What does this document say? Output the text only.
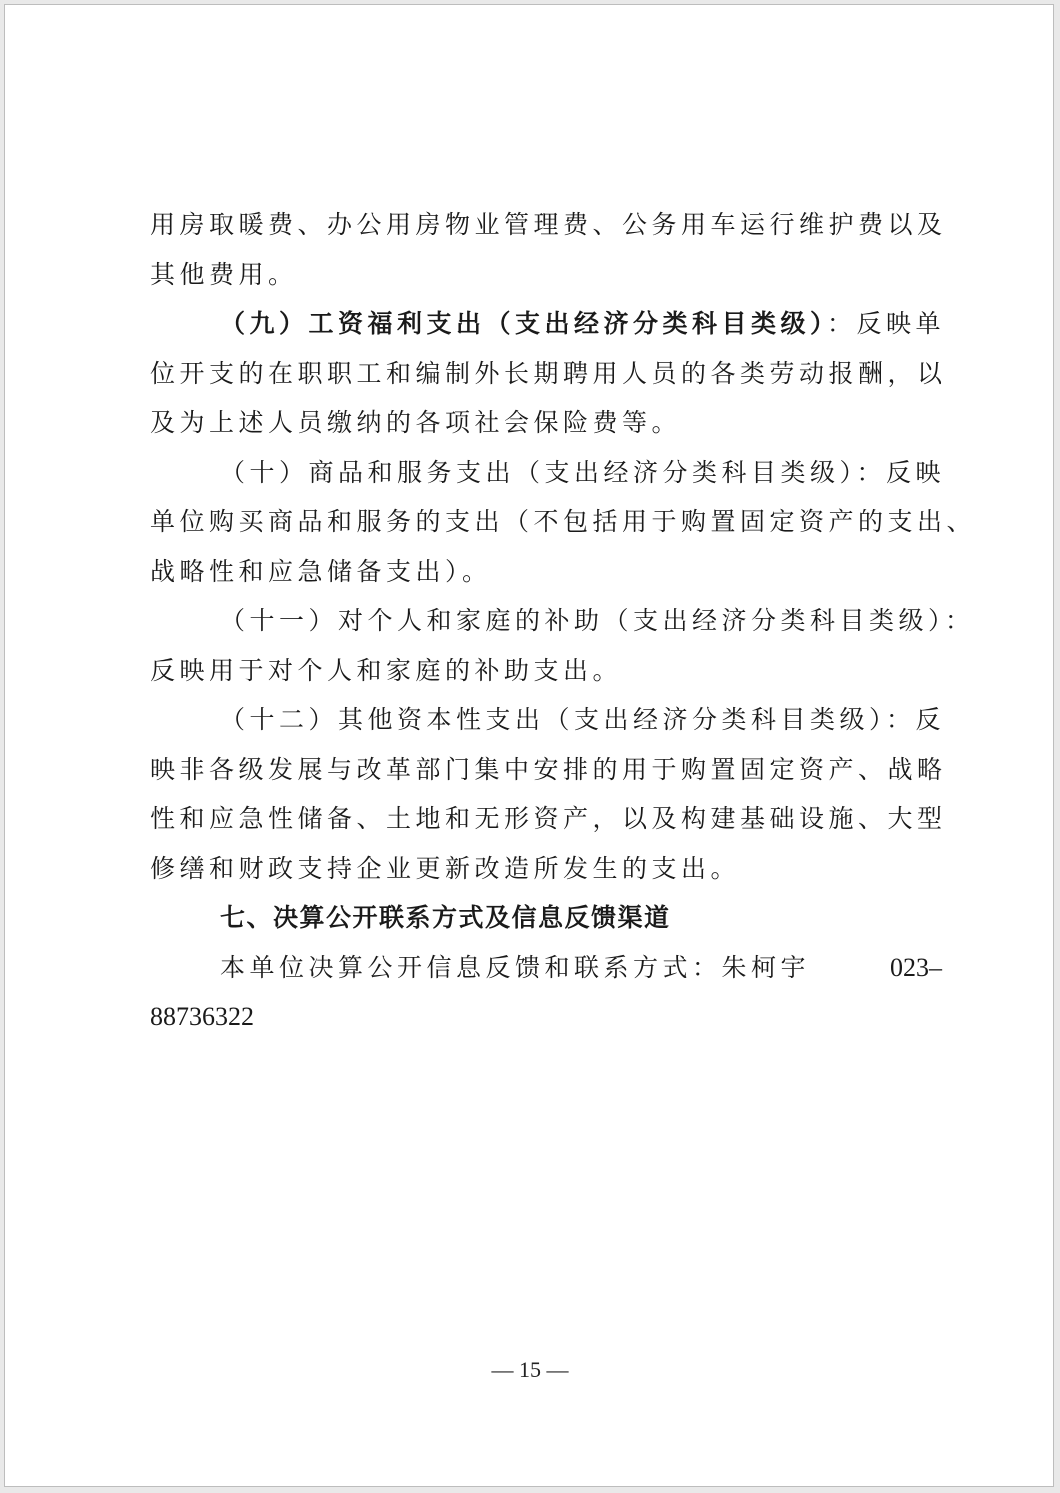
用房取暖费、办公用房物业管理费、公务用车运行维护费以及
其他费用。
（九）工资福利支出（支出经济分类科目类级）：反映单
位开支的在职职工和编制外长期聘用人员的各类劳动报酬，以
及为上述人员缴纳的各项社会保险费等。
（十）商品和服务支出（支出经济分类科目类级）：反映
单位购买商品和服务的支出（不包括用于购置固定资产的支出、
战略性和应急储备支出）。
（十一）对个人和家庭的补助（支出经济分类科目类级）：
反映用于对个人和家庭的补助支出。
（十二）其他资本性支出（支出经济分类科目类级）：反
映非各级发展与改革部门集中安排的用于购置固定资产、战略
性和应急性储备、土地和无形资产，以及构建基础设施、大型
修缮和财政支持企业更新改造所发生的支出。
七、决算公开联系方式及信息反馈渠道
本单位决算公开信息反馈和联系方式：朱柯宇	023–
88736322
— 15 —
